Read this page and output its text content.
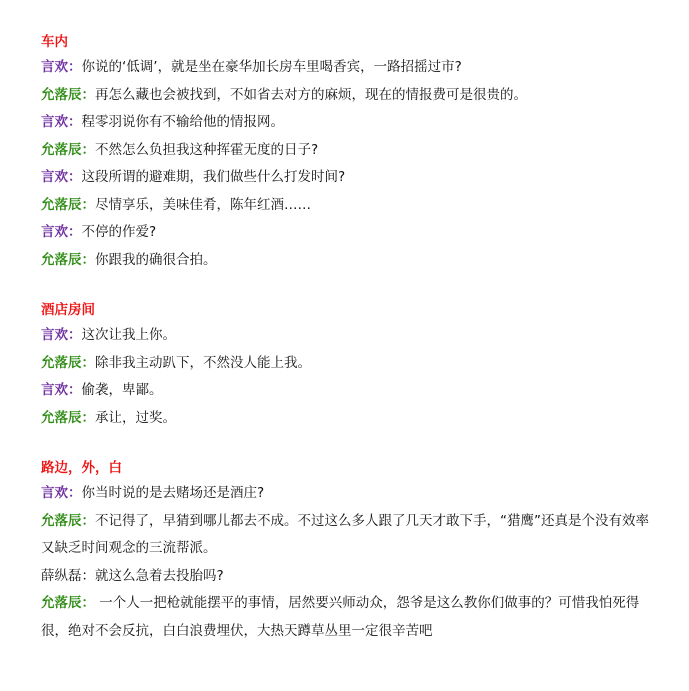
车内

言欢：你说的‘低调’，就是坐在豪华加长房车里喝香宾，一路招摇过市?

允落辰：再怎么藏也会被找到，不如省去对方的麻烦，现在的情报费可是很贵的。

言欢：程零羽说你有不输给他的情报网。

允落辰：不然怎么负担我这种挥霍无度的日子?

言欢：这段所谓的避难期，我们做些什么打发时间?

允落辰：尽情享乐，美味佳肴，陈年红酒……

言欢：不停的作爱?

允落辰：你跟我的确很合拍。

酒店房间

言欢：这次让我上你。

允落辰：除非我主动趴下，不然没人能上我。

言欢：偷袭，卑鄙。

允落辰：承让，过奖。

路边，外，白

言欢：你当时说的是去赌场还是酒庄?

允落辰：不记得了，早猜到哪儿都去不成。不过这么多人跟了几天才敢下手，“猎鹰”还真是个没有效率又缺乏时间观念的三流帮派。

薛纵磊：就这么急着去投胎吗?

允落辰： 一个人一把枪就能摆平的事情，居然要兴师动众，怨爷是这么教你们做事的？可惜我怕死得很，绝对不会反抗，白白浪费埋伏，大热天蹲草丛里一定很辛苦吧
